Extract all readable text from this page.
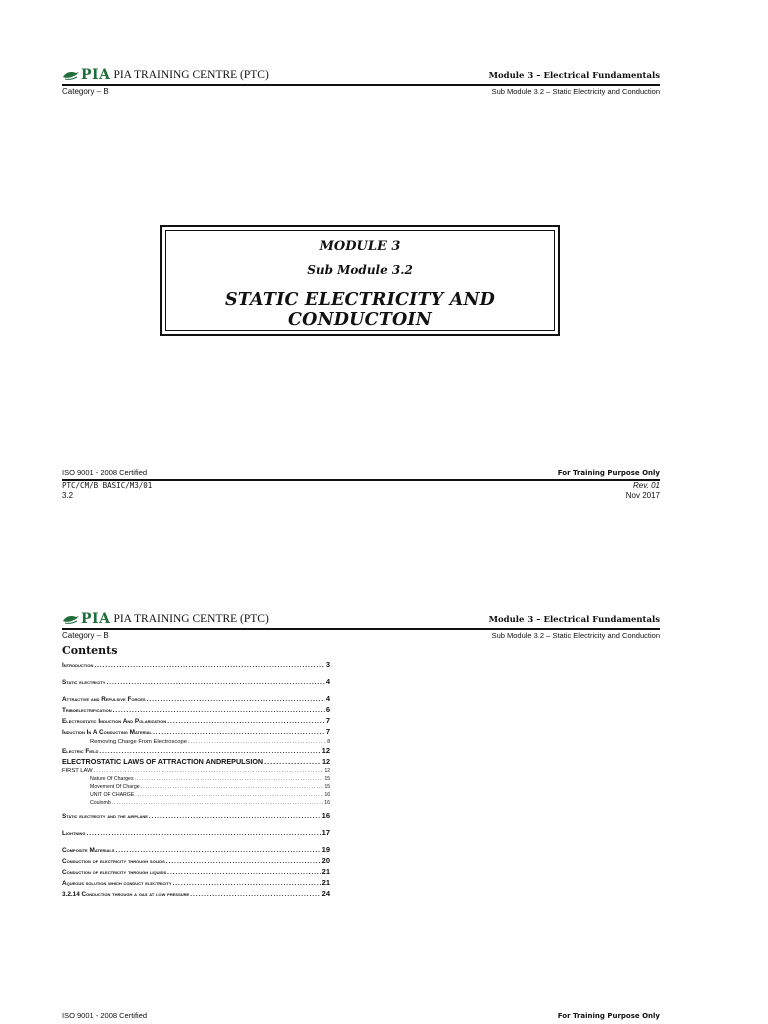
PIA PIA TRAINING CENTRE (PTC)	Module 3 – Electrical Fundamentals
Category – B	Sub Module 3.2 – Static Electricity and Conduction
MODULE 3
Sub Module 3.2
STATIC ELECTRICITY AND CONDUCTOIN
ISO 9001 - 2008 Certified	For Training Purpose Only
PTC/CM/B BASIC/M3/01	Rev. 01
3.2	Nov 2017
PIA PIA TRAINING CENTRE (PTC)	Module 3 – Electrical Fundamentals
Category – B	Sub Module 3.2 – Static Electricity and Conduction
Contents
Introduction .....	3
Static electricity .....	4
Attractive and Repulsive Forces .....	4
Triboelectrification .....	6
Electrostatic Induction And Polarization .....	7
Induction In A Conducting Material .....	7
Removing Charge From Electroscope .....	8
Electric Field .....	12
ELECTROSTATIC LAWS OF ATTRACTION ANDREPULSION .....	12
FIRST LAW .....	12
Nature Of Charges .....	15
Movement Of Charge .....	15
UNIT OF CHARGE .....	16
Coulomb .....	16
Static electricity and the airplane .....	16
Lightning .....	17
Composite Materials .....	19
Conduction of electricity through solids .....	20
Conduction of electricity through liquids .....	21
Aqueous solution which conduct electricity .....	21
3.2.14 Conduction through a gas at low pressure .....	24
ISO 9001 - 2008 Certified	For Training Purpose Only
